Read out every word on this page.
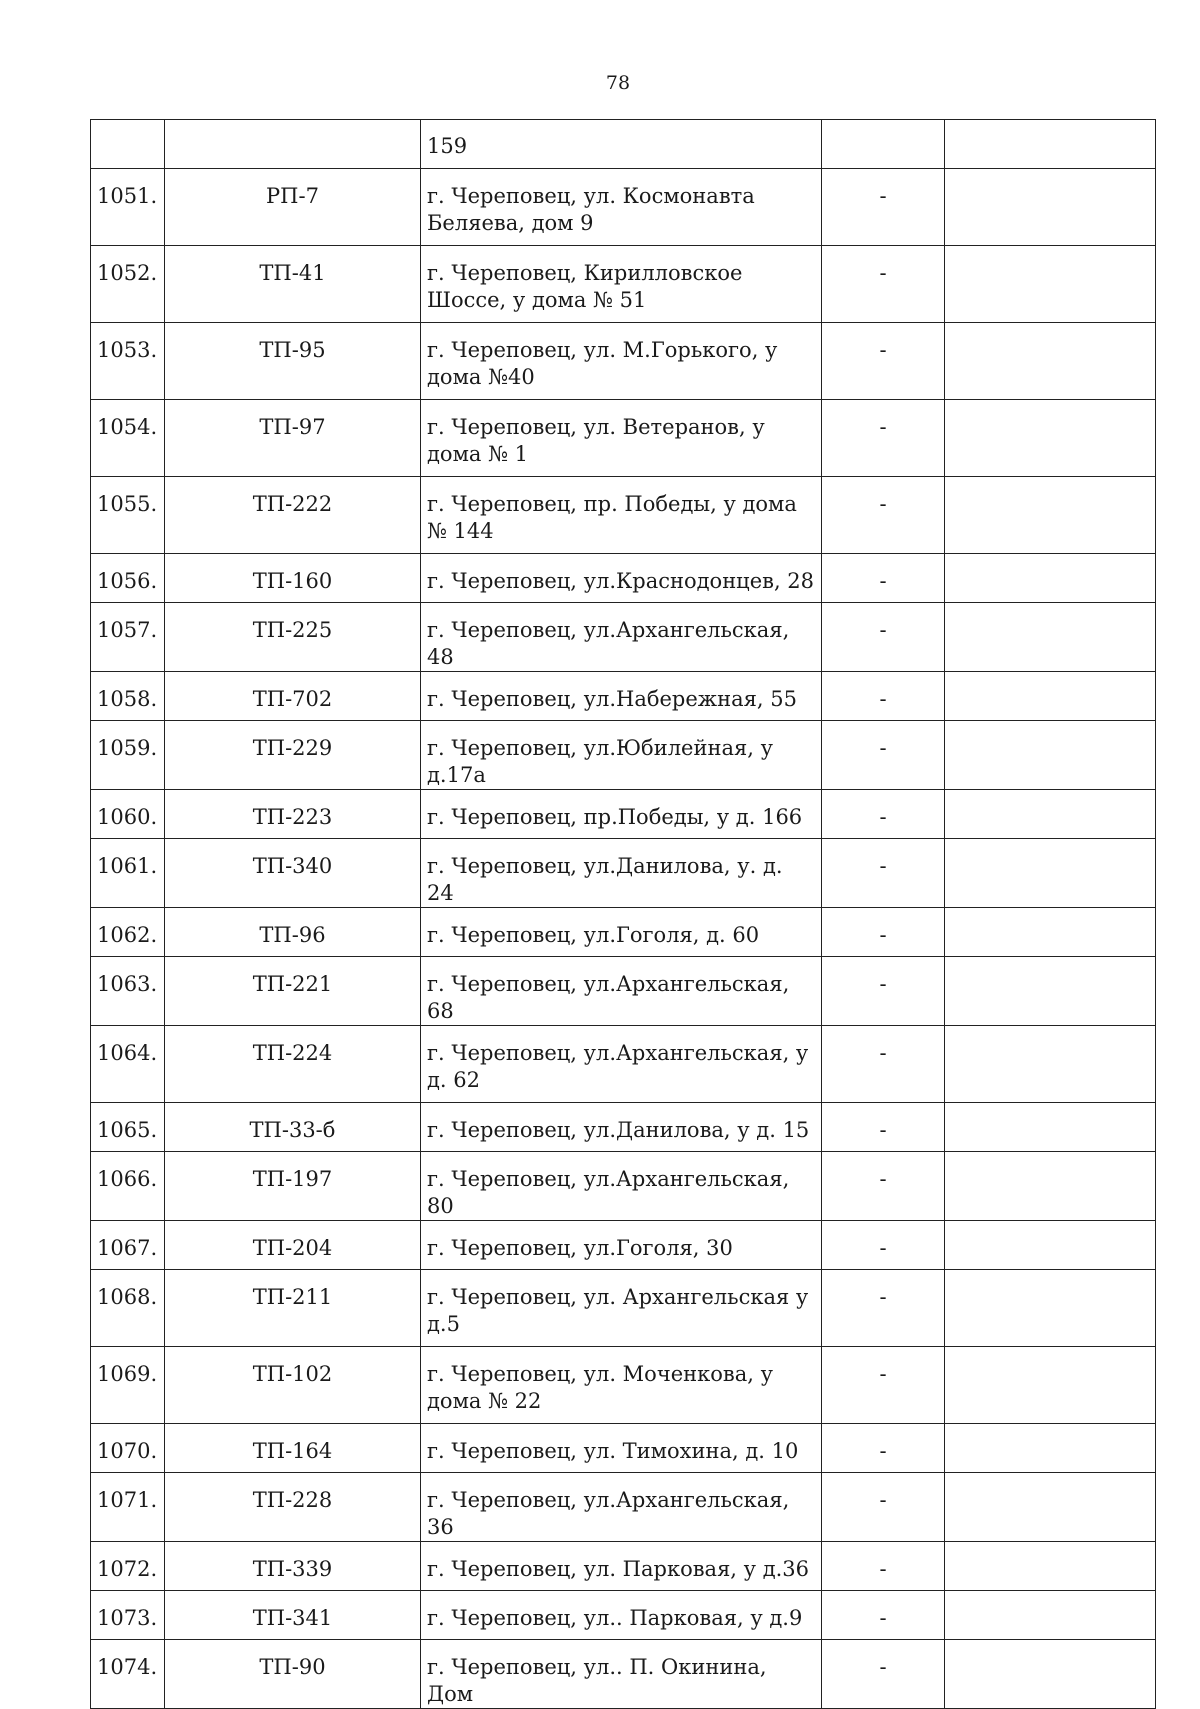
78
		159		
1051.	РП-7	г. Череповец, ул. Космонавта Беляева, дом 9	-	
1052.	ТП-41	г. Череповец, Кирилловское Шоссе, у дома № 51	-	
1053.	ТП-95	г. Череповец, ул. М.Горького, у дома №40	-	
1054.	ТП-97	г. Череповец, ул. Ветеранов, у дома № 1	-	
1055.	ТП-222	г. Череповец, пр. Победы, у дома № 144	-	
1056.	ТП-160	г. Череповец, ул.Краснодонцев, 28	-	
1057.	ТП-225	г. Череповец, ул.Архангельская, 48	-	
1058.	ТП-702	г. Череповец, ул.Набережная, 55	-	
1059.	ТП-229	г. Череповец, ул.Юбилейная, у д.17а	-	
1060.	ТП-223	г. Череповец, пр.Победы, у д. 166	-	
1061.	ТП-340	г. Череповец, ул.Данилова, у. д. 24	-	
1062.	ТП-96	г. Череповец, ул.Гоголя, д. 60	-	
1063.	ТП-221	г. Череповец, ул.Архангельская, 68	-	
1064.	ТП-224	г. Череповец, ул.Архангельская, у д. 62	-	
1065.	ТП-33-б	г. Череповец, ул.Данилова, у д. 15	-	
1066.	ТП-197	г. Череповец, ул.Архангельская, 80	-	
1067.	ТП-204	г. Череповец, ул.Гоголя, 30	-	
1068.	ТП-211	г. Череповец, ул. Архангельская у д.5	-	
1069.	ТП-102	г. Череповец, ул. Моченкова, у дома № 22	-	
1070.	ТП-164	г. Череповец, ул. Тимохина, д. 10	-	
1071.	ТП-228	г. Череповец, ул.Архангельская, 36	-	
1072.	ТП-339	г. Череповец, ул. Парковая, у д.36	-	
1073.	ТП-341	г. Череповец, ул.. Парковая, у д.9	-	
1074.	ТП-90	г. Череповец, ул.. П. Окинина, Дом	-	
